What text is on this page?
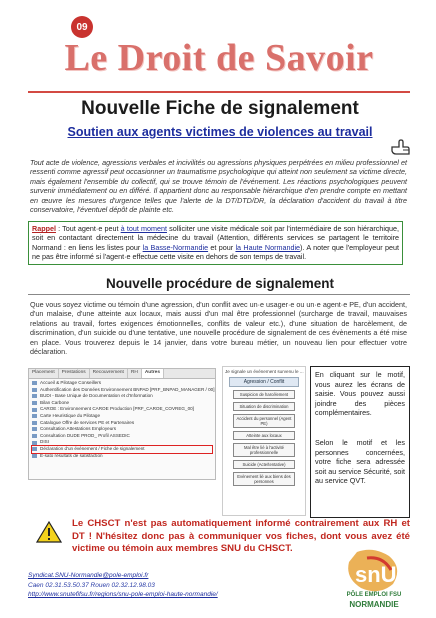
09
Le Droit de Savoir
Nouvelle Fiche de signalement
Soutien aux agents victimes de violences au travail
Tout acte de violence, agressions verbales et incivilités ou agressions physiques perpétrées en milieu professionnel et ressenti comme agressif peut occasionner un traumatisme psychologique qui atteint non seulement sa victime directe, mais également l'ensemble du collectif, qui se trouve témoin de l'événement. Les réactions psychologiques peuvent survenir immédiatement ou en différé. Il appartient donc au responsable hiérarchique d'en prendre compte en mettant en œuvre les mesures d'urgence telles que l'alerte de la DT/DTD/DR, la déclaration d'accident du travail à titre conservatoire, l'éventuel dépôt de plainte etc.
Rappel : Tout agent·e peut à tout moment solliciter une visite médicale soit par l'intermédiaire de son hiérarchique, soit en contactant directement la médecine du travail (Attention, différents services se partagent le territoire Normand : en liens les listes pour la Basse-Normandie et pour la Haute Normandie). A noter que l'employeur peut ne pas être informé si l'agent·e effectue cette visite en dehors de son temps de travail.
Nouvelle procédure de signalement
Que vous soyez victime ou témoin d'une agression, d'un conflit avec un·e usager·e ou un·e agent·e PE, d'un accident, d'un malaise, d'une atteinte aux locaux, mais aussi d'un mal être professionnel (surcharge de travail, mauvaises relations au travail, fortes exigences émotionnelles, conflits de valeur etc.), d'une situation de harcèlement, de discrimination, d'un suicide ou d'une tentative, une nouvelle procédure de signalement de ces évènements a été mise en place. Vous trouverez depuis le 14 janvier, dans votre bureau métier, un nouveau lien pour effectuer votre déclaration.
Placement	Prestations	Recouvrement	RH	Autres
Accueil & Pilotage Conseillers
Authentification des Données Environnement BNPAD [PRF_BNPAD_MANAGER / 00]
BUDI - Base Unique de Documentation et d'Information
Bilan Carbone
CAROE : Environnement CAROE Production [PRF_CAROE_COVREG_00]
Carte Heuristique du Pilotage
Catalogue Offre de services PE et Partenaires
Consultation Attestations Employeurs
Consultation DUDE PROD_ Profil ASSEDIC
DISI
Déclaration d'un événement / Fiche de signalement
E-sato résultats de satisfaction
Je signale un événement survenu le ...
Agression / Conflit
Suspicion de harcèlement
Situation de discrimination
Accident du personnel (Agent PE)
Atteinte aux locaux
Mal être lié à l'activité professionnelle
Suicide (Acte/tentative)
Evènement lié aux biens des personnes
En cliquant sur le motif, vous aurez les écrans de saisie. Vous pouvez aussi joindre des pièces complémentaires.
Selon le motif et les personnes concernées, votre fiche sera adressée soit au service Sécurité, soit au service QVT.
Le CHSCT n'est pas automatiquement informé contrairement aux RH et DT ! N'hésitez donc pas à communiquer vos fiches, dont vous avez été victime ou témoin aux membres SNU du CHSCT.
Syndicat.SNU-Normandie@pole-emploi.fr
Caen 02.31.53.50.37 Rouen 02.32.12.98.03
http://www.snutefifsu.fr/regions/snu-pole-emploi-haute-normandie/
snU.
PÔLE EMPLOI FSU
NORMANDIE
